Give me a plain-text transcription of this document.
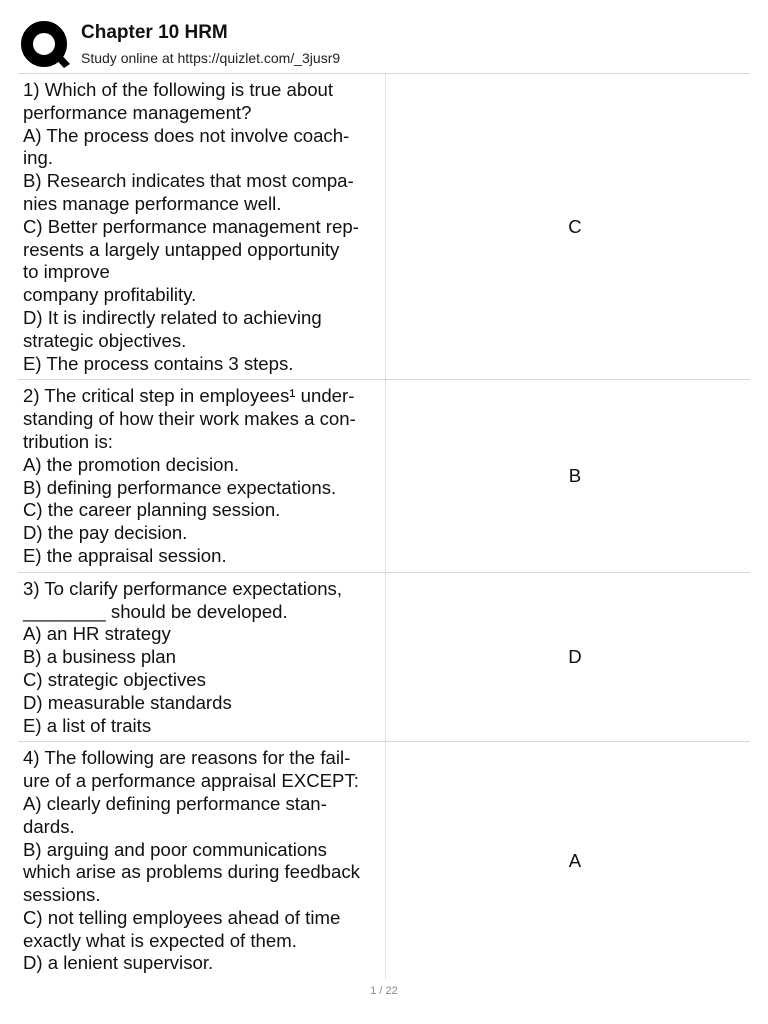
Chapter 10 HRM
Study online at https://quizlet.com/_3jusr9
1) Which of the following is true about
performance management?
A) The process does not involve coach-
ing.
B) Research indicates that most compa-
nies manage performance well.
C) Better performance management rep-
resents a largely untapped opportunity
to improve
company profitability.
D) It is indirectly related to achieving
strategic objectives.
E) The process contains 3 steps.
C
2) The critical step in employees¹ under-
standing of how their work makes a con-
tribution is:
A) the promotion decision.
B) defining performance expectations.
C) the career planning session.
D) the pay decision.
E) the appraisal session.
B
3) To clarify performance expectations,
________ should be developed.
A) an HR strategy
B) a business plan
C) strategic objectives
D) measurable standards
E) a list of traits
D
4) The following are reasons for the fail-
ure of a performance appraisal EXCEPT:
A) clearly defining performance stan-
dards.
B) arguing and poor communications
which arise as problems during feedback
sessions.
C) not telling employees ahead of time
exactly what is expected of them.
D) a lenient supervisor.
A
1 / 22
